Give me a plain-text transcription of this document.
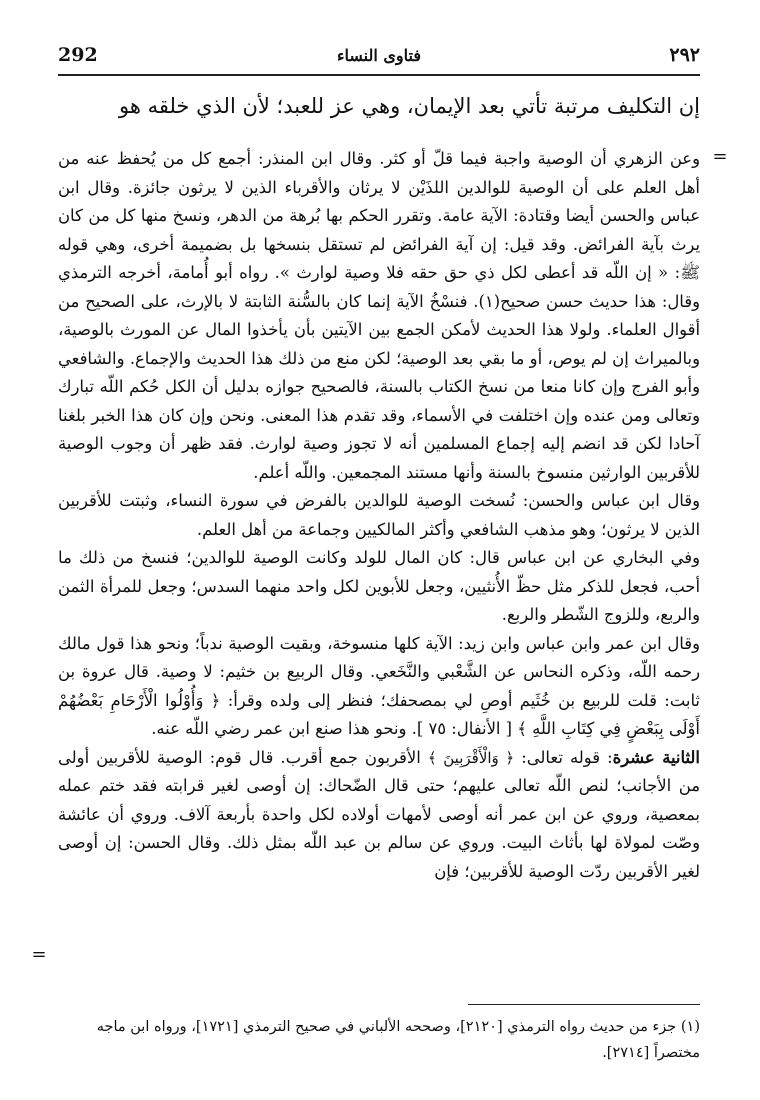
292	فتاوى النساء	٢٩٢
إن التكليف مرتبة تأتي بعد الإيمان، وهي عز للعبد؛ لأن الذي خلقه هو
=

وعن الزهري أن الوصية واجبة فيما قلّ أو كثر. وقال ابن المنذر: أجمع كل من يُحفظ عنه من أهل العلم على أن الوصية للوالدين اللذَيْن لا يرثان والأقرباء الذين لا يرثون جائزة. وقال ابن عباس والحسن أيضا وقتادة: الآية عامة. وتقرر الحكم بها بُرهة من الدهر، ونسخ منها كل من كان يرث بآية الفرائض. وقد قيل: إن آية الفرائض لم تستقل بنسخها بل بضميمة أخرى، وهي قوله ﷺ: « إن اللّه قد أعطى لكل ذي حق حقه فلا وصية لوارث ». رواه أبو أُمامة، أخرجه الترمذي وقال: هذا حديث حسن صحيح(١). فنسْخُ الآية إنما كان بالسُّنة الثابتة لا بالإرث، على الصحيح من أقوال العلماء. ولولا هذا الحديث لأمكن الجمع بين الآيتين بأن يأخذوا المال عن المورث بالوصية، وبالميراث إن لم يوص، أو ما بقي بعد الوصية؛ لكن منع من ذلك هذا الحديث والإجماع. والشافعي وأبو الفرج وإن كانا منعا من نسخ الكتاب بالسنة، فالصحيح جوازه بدليل أن الكل حُكم اللّه تبارك وتعالى ومن عنده وإن اختلفت في الأسماء، وقد تقدم هذا المعنى. ونحن وإن كان هذا الخبر بلغنا آحادا لكن قد انضم إليه إجماع المسلمين أنه لا تجوز وصية لوارث. فقد ظهر أن وجوب الوصية للأقربين الوارثين منسوخ بالسنة وأنها مستند المجمعين. واللّه أعلم.

وقال ابن عباس والحسن: نُسخت الوصية للوالدين بالفرض في سورة النساء، وثبتت للأقربين الذين لا يرثون؛ وهو مذهب الشافعي وأكثر المالكيين وجماعة من أهل العلم.

وفي البخاري عن ابن عباس قال: كان المال للولد وكانت الوصية للوالدين؛ فنسخ من ذلك ما أحب، فجعل للذكر مثل حظّ الأُنثيين، وجعل للأبوين لكل واحد منهما السدس؛ وجعل للمرأة الثمن والربع، وللزوج الشّطر والربع.

وقال ابن عمر وابن عباس وابن زيد: الآية كلها منسوخة، وبقيت الوصية ندباً؛ ونحو هذا قول مالك رحمه اللّه، وذكره النحاس عن الشَّعْبي والنَّخَعي. وقال الربيع بن خثيم: لا وصية. قال عروة بن ثابت: قلت للربيع بن خُثَيم أوصِ لي بمصحفك؛ فنظر إلى ولده وقرأ: ﴿ وَأُوْلُوا الْأَرْحَامِ بَعْضُهُمْ أَوْلَى بِبَعْضٍ فِي كِتَابِ اللَّهِ ﴾ [ الأنفال: ٧٥ ]. ونحو هذا صنع ابن عمر رضي اللّه عنه.

الثانية عشرة: قوله تعالى: ﴿ وَالْأَقْرَبِينَ ﴾ الأقربون جمع أقرب. قال قوم: الوصية للأقربين أولى من الأجانب؛ لنص اللّه تعالى عليهم؛ حتى قال الضّحاك: إن أوصى لغير قرابته فقد ختم عمله بمعصية، وروي عن ابن عمر أنه أوصى لأمهات أولاده لكل واحدة بأربعة آلاف. وروي أن عائشة وصّت لمولاة لها بأثاث البيت. وروي عن سالم بن عبد اللّه بمثل ذلك. وقال الحسن: إن أوصى لغير الأقربين ردّت الوصية للأقربين؛ فإن

=

(١) جزء من حديث رواه الترمذي [٢١٢٠]، وصححه الألباني في صحيح الترمذي [١٧٢١]، ورواه ابن ماجه مختصراً [٢٧١٤].
